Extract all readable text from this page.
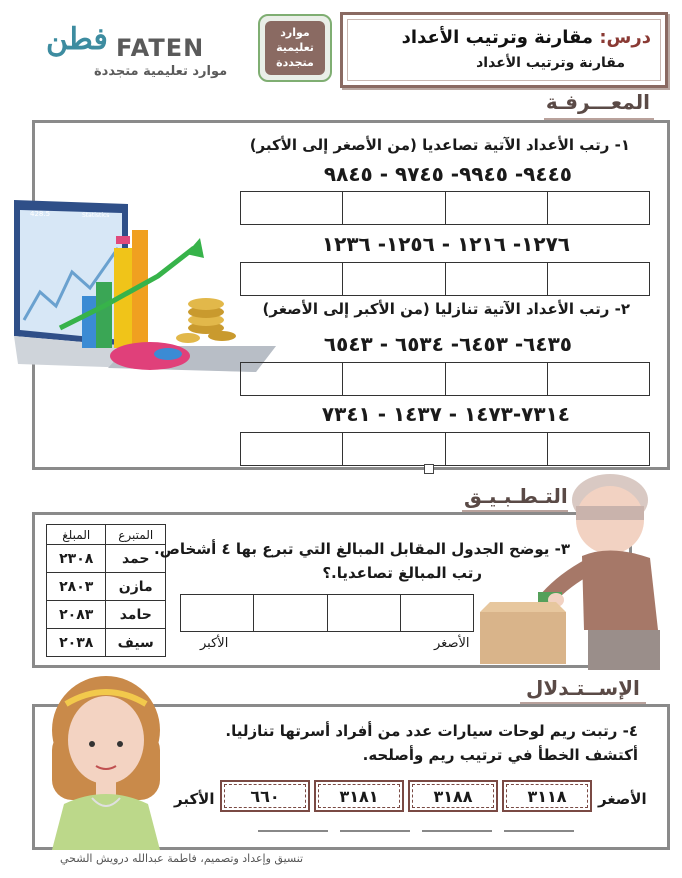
درس: مقارنة وترتيب الأعداد
مقارنة وترتيب الأعداد
موارد
تعليمية
متجددة
فطن FATEN
موارد تعليمية متجددة
المعـــرفـة
428.5	Statistics
١- رتب الأعداد الآتية تصاعديا (من الأصغر إلى الأكبر)
٩٤٤٥- ٩٩٤٥- ٩٧٤٥ - ٩٨٤٥
١٢٧٦- ١٢١٦ - ١٢٥٦- ١٢٣٦
٢- رتب الأعداد الآتية تنازليا (من الأكبر إلى الأصغر)
٦٤٣٥- ٦٤٥٣- ٦٥٣٤ - ٦٥٤٣
٧٣١٤-١٤٧٣ - ١٤٣٧ - ٧٣٤١
التـطـبـيـق
المتبرع	المبلغ
حمد	٢٣٠٨
مازن	٢٨٠٣
حامد	٢٠٨٣
سيف	٢٠٣٨
٣- يوضح الجدول المقابل المبالغ التي تبرع بها ٤ أشخاص.
رتب المبالغ تصاعديا.؟
الأصغر
الأكبر
الإســتـدلال
٤- رتبت ريم لوحات سيارات عدد من أفراد أسرتها تنازليا.
أكتشف الخطأ في ترتيب ريم وأصلحه.
الأصغر
٣١١٨
٣١٨٨
٣١٨١
٦٦٠
الأكبر
تنسيق وإعداد وتصميم، فاطمة عبدالله درويش الشحي
